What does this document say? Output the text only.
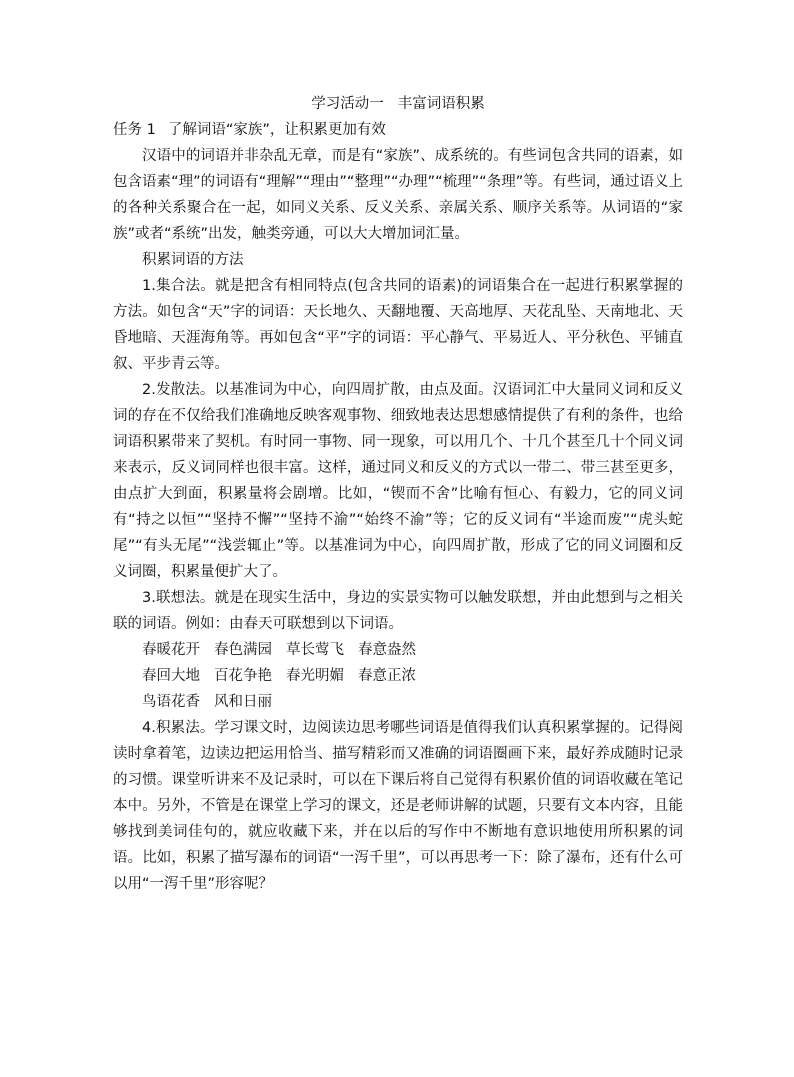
学习活动一 丰富词语积累

任务 1 了解词语“家族”，让积累更加有效

汉语中的词语并非杂乱无章，而是有“家族”、成系统的。有些词包含共同的语素，如包含语素“理”的词语有“理解”“理由”“整理”“办理”“梳理”“条理”等。有些词，通过语义上的各种关系聚合在一起，如同义关系、反义关系、亲属关系、顺序关系等。从词语的“家族”或者“系统”出发，触类旁通，可以大大增加词汇量。

积累词语的方法

1.集合法。就是把含有相同特点(包含共同的语素)的词语集合在一起进行积累掌握的方法。如包含“天”字的词语：天长地久、天翻地覆、天高地厚、天花乱坠、天南地北、天昏地暗、天涯海角等。再如包含“平”字的词语：平心静气、平易近人、平分秋色、平铺直叙、平步青云等。

2.发散法。以基准词为中心，向四周扩散，由点及面。汉语词汇中大量同义词和反义词的存在不仅给我们准确地反映客观事物、细致地表达思想感情提供了有利的条件，也给词语积累带来了契机。有时同一事物、同一现象，可以用几个、十几个甚至几十个同义词来表示，反义词同样也很丰富。这样，通过同义和反义的方式以一带二、带三甚至更多，由点扩大到面，积累量将会剧增。比如，“锲而不舍”比喻有恒心、有毅力，它的同义词有“持之以恒”“坚持不懈”“坚持不渝”“始终不渝”等；它的反义词有“半途而废”“虎头蛇尾”“有头无尾”“浅尝辄止”等。以基准词为中心，向四周扩散，形成了它的同义词圈和反义词圈，积累量便扩大了。

3.联想法。就是在现实生活中，身边的实景实物可以触发联想，并由此想到与之相关联的词语。例如：由春天可联想到以下词语。

春暖花开 春色满园 草长莺飞 春意盎然
春回大地 百花争艳 春光明媚 春意正浓
鸟语花香 风和日丽

4.积累法。学习课文时，边阅读边思考哪些词语是值得我们认真积累掌握的。记得阅读时拿着笔，边读边把运用恰当、描写精彩而又准确的词语圈画下来，最好养成随时记录的习惯。课堂听讲来不及记录时，可以在下课后将自己觉得有积累价值的词语收藏在笔记本中。另外，不管是在课堂上学习的课文，还是老师讲解的试题，只要有文本内容，且能够找到美词佳句的，就应收藏下来，并在以后的写作中不断地有意识地使用所积累的词语。比如，积累了描写瀑布的词语“一泻千里”，可以再思考一下：除了瀑布，还有什么可以用“一泻千里”形容呢？
